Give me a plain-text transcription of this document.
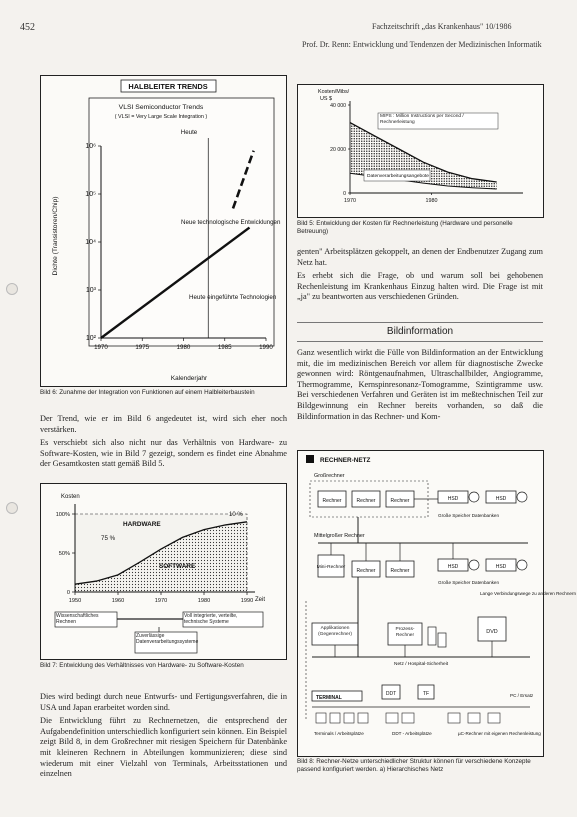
452	Fachzeitschrift „das Krankenhaus" 10/1986
Prof. Dr. Renn: Entwicklung und Tendenzen der Medizinischen Informatik
HALBLEITER TRENDS
VLSI Semiconductor Trends
( VLSI = Very Large Scale Integration )
Heute
Dichte (Transistoren/Chip)
Kalenderjahr
1970	1975	1980	1985	1990
10²
10³
10⁴
10⁵
10⁶
Neue technologische Entwicklungen
Heute eingeführte Technologien
Bild 6: Zunahme der Integration von Funktionen auf einem Halbleiterbaustein

Der Trend, wie er im Bild 6 angedeutet ist, wird sich eher noch verstärken.

Es verschiebt sich also nicht nur das Verhältnis von Hardware- zu Software-Kosten, wie in Bild 7 gezeigt, sondern es findet eine Abnahme der Gesamtkosten statt gemäß Bild 5.

Kosten
0
50%
100%
1950	1960	1970	1980	1990
HARDWARE
SOFTWARE
75 %
10 %
Zeit
Wissenschaftliches Rechnen
Voll integrierte, verteilte, technische Systeme
Zuverlässige Datenverarbeitungssysteme
Bild 7: Entwicklung des Verhältnisses von Hardware- zu Software-Kosten

Dies wird bedingt durch neue Entwurfs- und Fertigungsverfahren, die in USA und Japan erarbeitet worden sind.

Die Entwicklung führt zu Rechnernetzen, die entsprechend der Aufgabendefinition unterschiedlich konfiguriert sein können. Ein Beispiel zeigt Bild 8, in dem Großrechner mit riesigen Speichern für Datenbänke mit kleineren Rechnern in Abteilungen kommunizieren; diese sind wiederum mit einer Vielzahl von Terminals, Arbeitsstationen und einzelnen

Kosten/Mibs/
US $
0
20 000
40 000
1970	1980
MIPS : Million Instructions per Second / Rechnerleistung
Datenverarbeitungsangebote
Bild 5: Entwicklung der Kosten für Rechnerleistung (Hardware und personelle Betreuung)

genten" Arbeitsplätzen gekoppelt, an denen der Endbenutzer Zugang zum Netz hat.

Es erhebt sich die Frage, ob und warum soll bei gehobenen Rechenleistung im Krankenhaus Einzug halten wird. Die Frage ist mit „ja" zu beantworten aus verschiedenen Gründen.

Bildinformation

Ganz wesentlich wirkt die Fülle von Bildinformation an der Entwicklung mit, die im medizinischen Bereich vor allem für diagnostische Zwecke gewonnen wird: Röntgenaufnahmen, Ultraschallbilder, Angiogramme, Thermogramme, Kernspinresonanz-Tomogramme, Szintigramme usw. Bei verschiedenen Verfahren und Geräten ist im meßtechnischen Teil zur Bildgewinnung ein Rechner bereits vorhanden, so daß die Bildinformation in das Rechner- und Kom-

RECHNER-NETZ
Großrechner
Rechner	Rechner	Rechner	HSD	HSD
Große Speicher Datenbanken
Mittelgroßer Rechner
Mini-Rechner
Rechner	Rechner
HSD	HSD
Große Speicher Datenbanken
Lange Verbindungswege zu anderen Rechnern
Applikationen (Gegenrechner)
Prozess-Rechner
DVD
Netz / Hospital-Sicherheit
TERMINAL
DDT	TF	PC / Ersatz
Terminals / Arbeitsplätze	DDT - Arbeitsplätze	µC-Rechner mit eigenen Rechenleistung
Bild 8: Rechner-Netze unterschiedlicher Struktur können für verschiedene Konzepte passend konfiguriert werden. a) Hierarchisches Netz
